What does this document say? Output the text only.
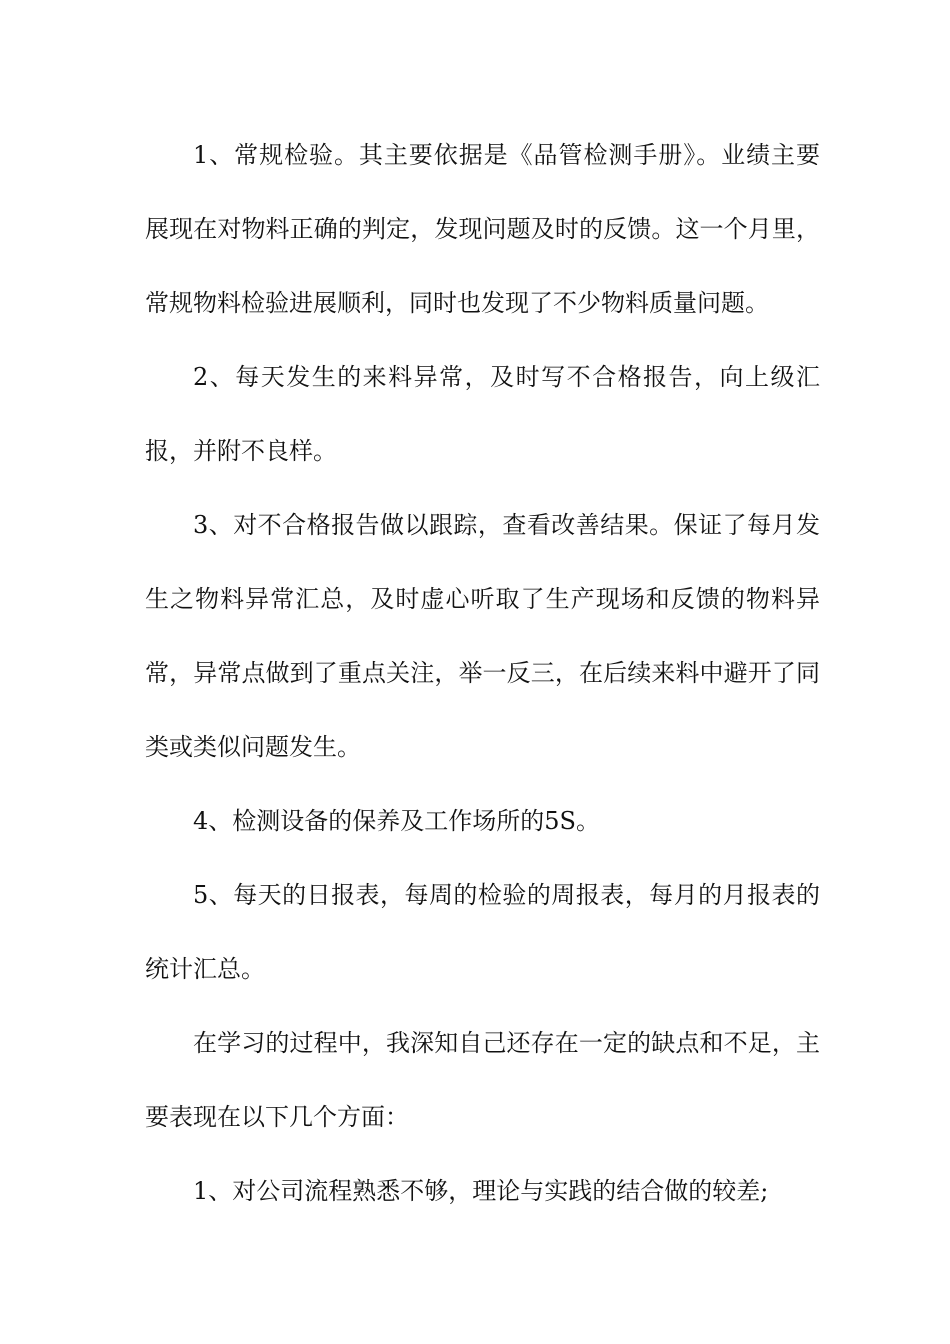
1、常规检验。其主要依据是《品管检测手册》。业绩主要展现在对物料正确的判定，发现问题及时的反馈。这一个月里，常规物料检验进展顺利，同时也发现了不少物料质量问题。

2、每天发生的来料异常，及时写不合格报告，向上级汇报，并附不良样。

3、对不合格报告做以跟踪，查看改善结果。保证了每月发生之物料异常汇总，及时虚心听取了生产现场和反馈的物料异常，异常点做到了重点关注，举一反三，在后续来料中避开了同类或类似问题发生。

4、检测设备的保养及工作场所的5S。

5、每天的日报表，每周的检验的周报表，每月的月报表的统计汇总。

在学习的过程中，我深知自己还存在一定的缺点和不足，主要表现在以下几个方面：

1、对公司流程熟悉不够，理论与实践的结合做的较差;
